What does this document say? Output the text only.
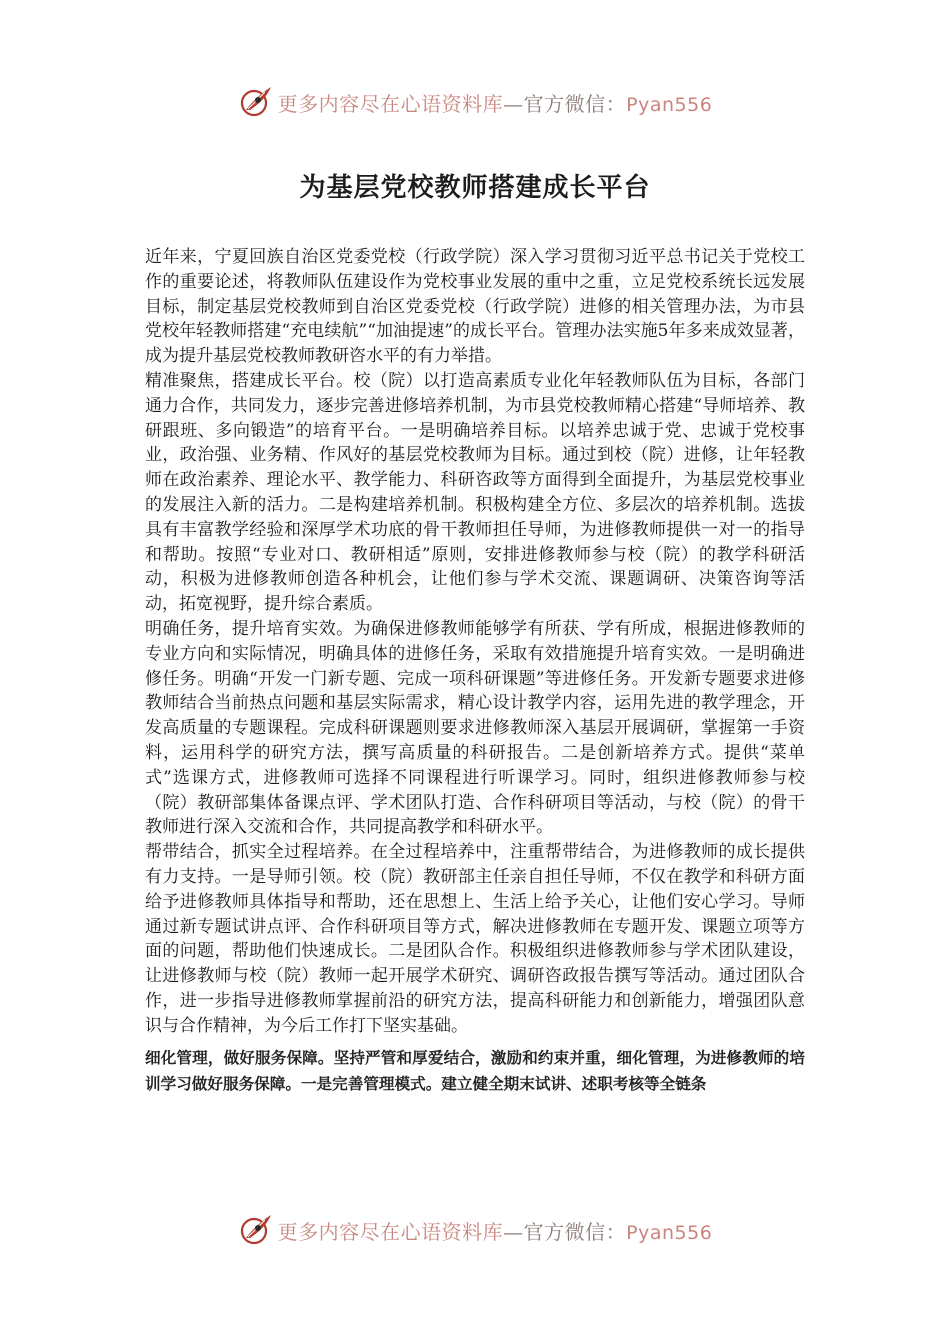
更多内容尽在心语资料库—官方微信：Pyan556
为基层党校教师搭建成长平台

近年来，宁夏回族自治区党委党校（行政学院）深入学习贯彻习近平总书记关于党校工作的重要论述，将教师队伍建设作为党校事业发展的重中之重，立足党校系统长远发展目标，制定基层党校教师到自治区党委党校（行政学院）进修的相关管理办法，为市县党校年轻教师搭建“充电续航”“加油提速”的成长平台。管理办法实施5年多来成效显著，成为提升基层党校教师教研咨水平的有力举措。

精准聚焦，搭建成长平台。校（院）以打造高素质专业化年轻教师队伍为目标，各部门通力合作，共同发力，逐步完善进修培养机制，为市县党校教师精心搭建“导师培养、教研跟班、多向锻造”的培育平台。一是明确培养目标。以培养忠诚于党、忠诚于党校事业，政治强、业务精、作风好的基层党校教师为目标。通过到校（院）进修，让年轻教师在政治素养、理论水平、教学能力、科研咨政等方面得到全面提升，为基层党校事业的发展注入新的活力。二是构建培养机制。积极构建全方位、多层次的培养机制。选拔具有丰富教学经验和深厚学术功底的骨干教师担任导师，为进修教师提供一对一的指导和帮助。按照“专业对口、教研相适”原则，安排进修教师参与校（院）的教学科研活动，积极为进修教师创造各种机会，让他们参与学术交流、课题调研、决策咨询等活动，拓宽视野，提升综合素质。

明确任务，提升培育实效。为确保进修教师能够学有所获、学有所成，根据进修教师的专业方向和实际情况，明确具体的进修任务，采取有效措施提升培育实效。一是明确进修任务。明确“开发一门新专题、完成一项科研课题”等进修任务。开发新专题要求进修教师结合当前热点问题和基层实际需求，精心设计教学内容，运用先进的教学理念，开发高质量的专题课程。完成科研课题则要求进修教师深入基层开展调研，掌握第一手资料，运用科学的研究方法，撰写高质量的科研报告。二是创新培养方式。提供“菜单式”选课方式，进修教师可选择不同课程进行听课学习。同时，组织进修教师参与校（院）教研部集体备课点评、学术团队打造、合作科研项目等活动，与校（院）的骨干教师进行深入交流和合作，共同提高教学和科研水平。

帮带结合，抓实全过程培养。在全过程培养中，注重帮带结合，为进修教师的成长提供有力支持。一是导师引领。校（院）教研部主任亲自担任导师，不仅在教学和科研方面给予进修教师具体指导和帮助，还在思想上、生活上给予关心，让他们安心学习。导师通过新专题试讲点评、合作科研项目等方式，解决进修教师在专题开发、课题立项等方面的问题，帮助他们快速成长。二是团队合作。积极组织进修教师参与学术团队建设，让进修教师与校（院）教师一起开展学术研究、调研咨政报告撰写等活动。通过团队合作，进一步指导进修教师掌握前沿的研究方法，提高科研能力和创新能力，增强团队意识与合作精神，为今后工作打下坚实基础。

细化管理，做好服务保障。坚持严管和厚爱结合，激励和约束并重，细化管理，为进修教师的培训学习做好服务保障。一是完善管理模式。建立健全期末试讲、述职考核等全链条

更多内容尽在心语资料库—官方微信：Pyan556
